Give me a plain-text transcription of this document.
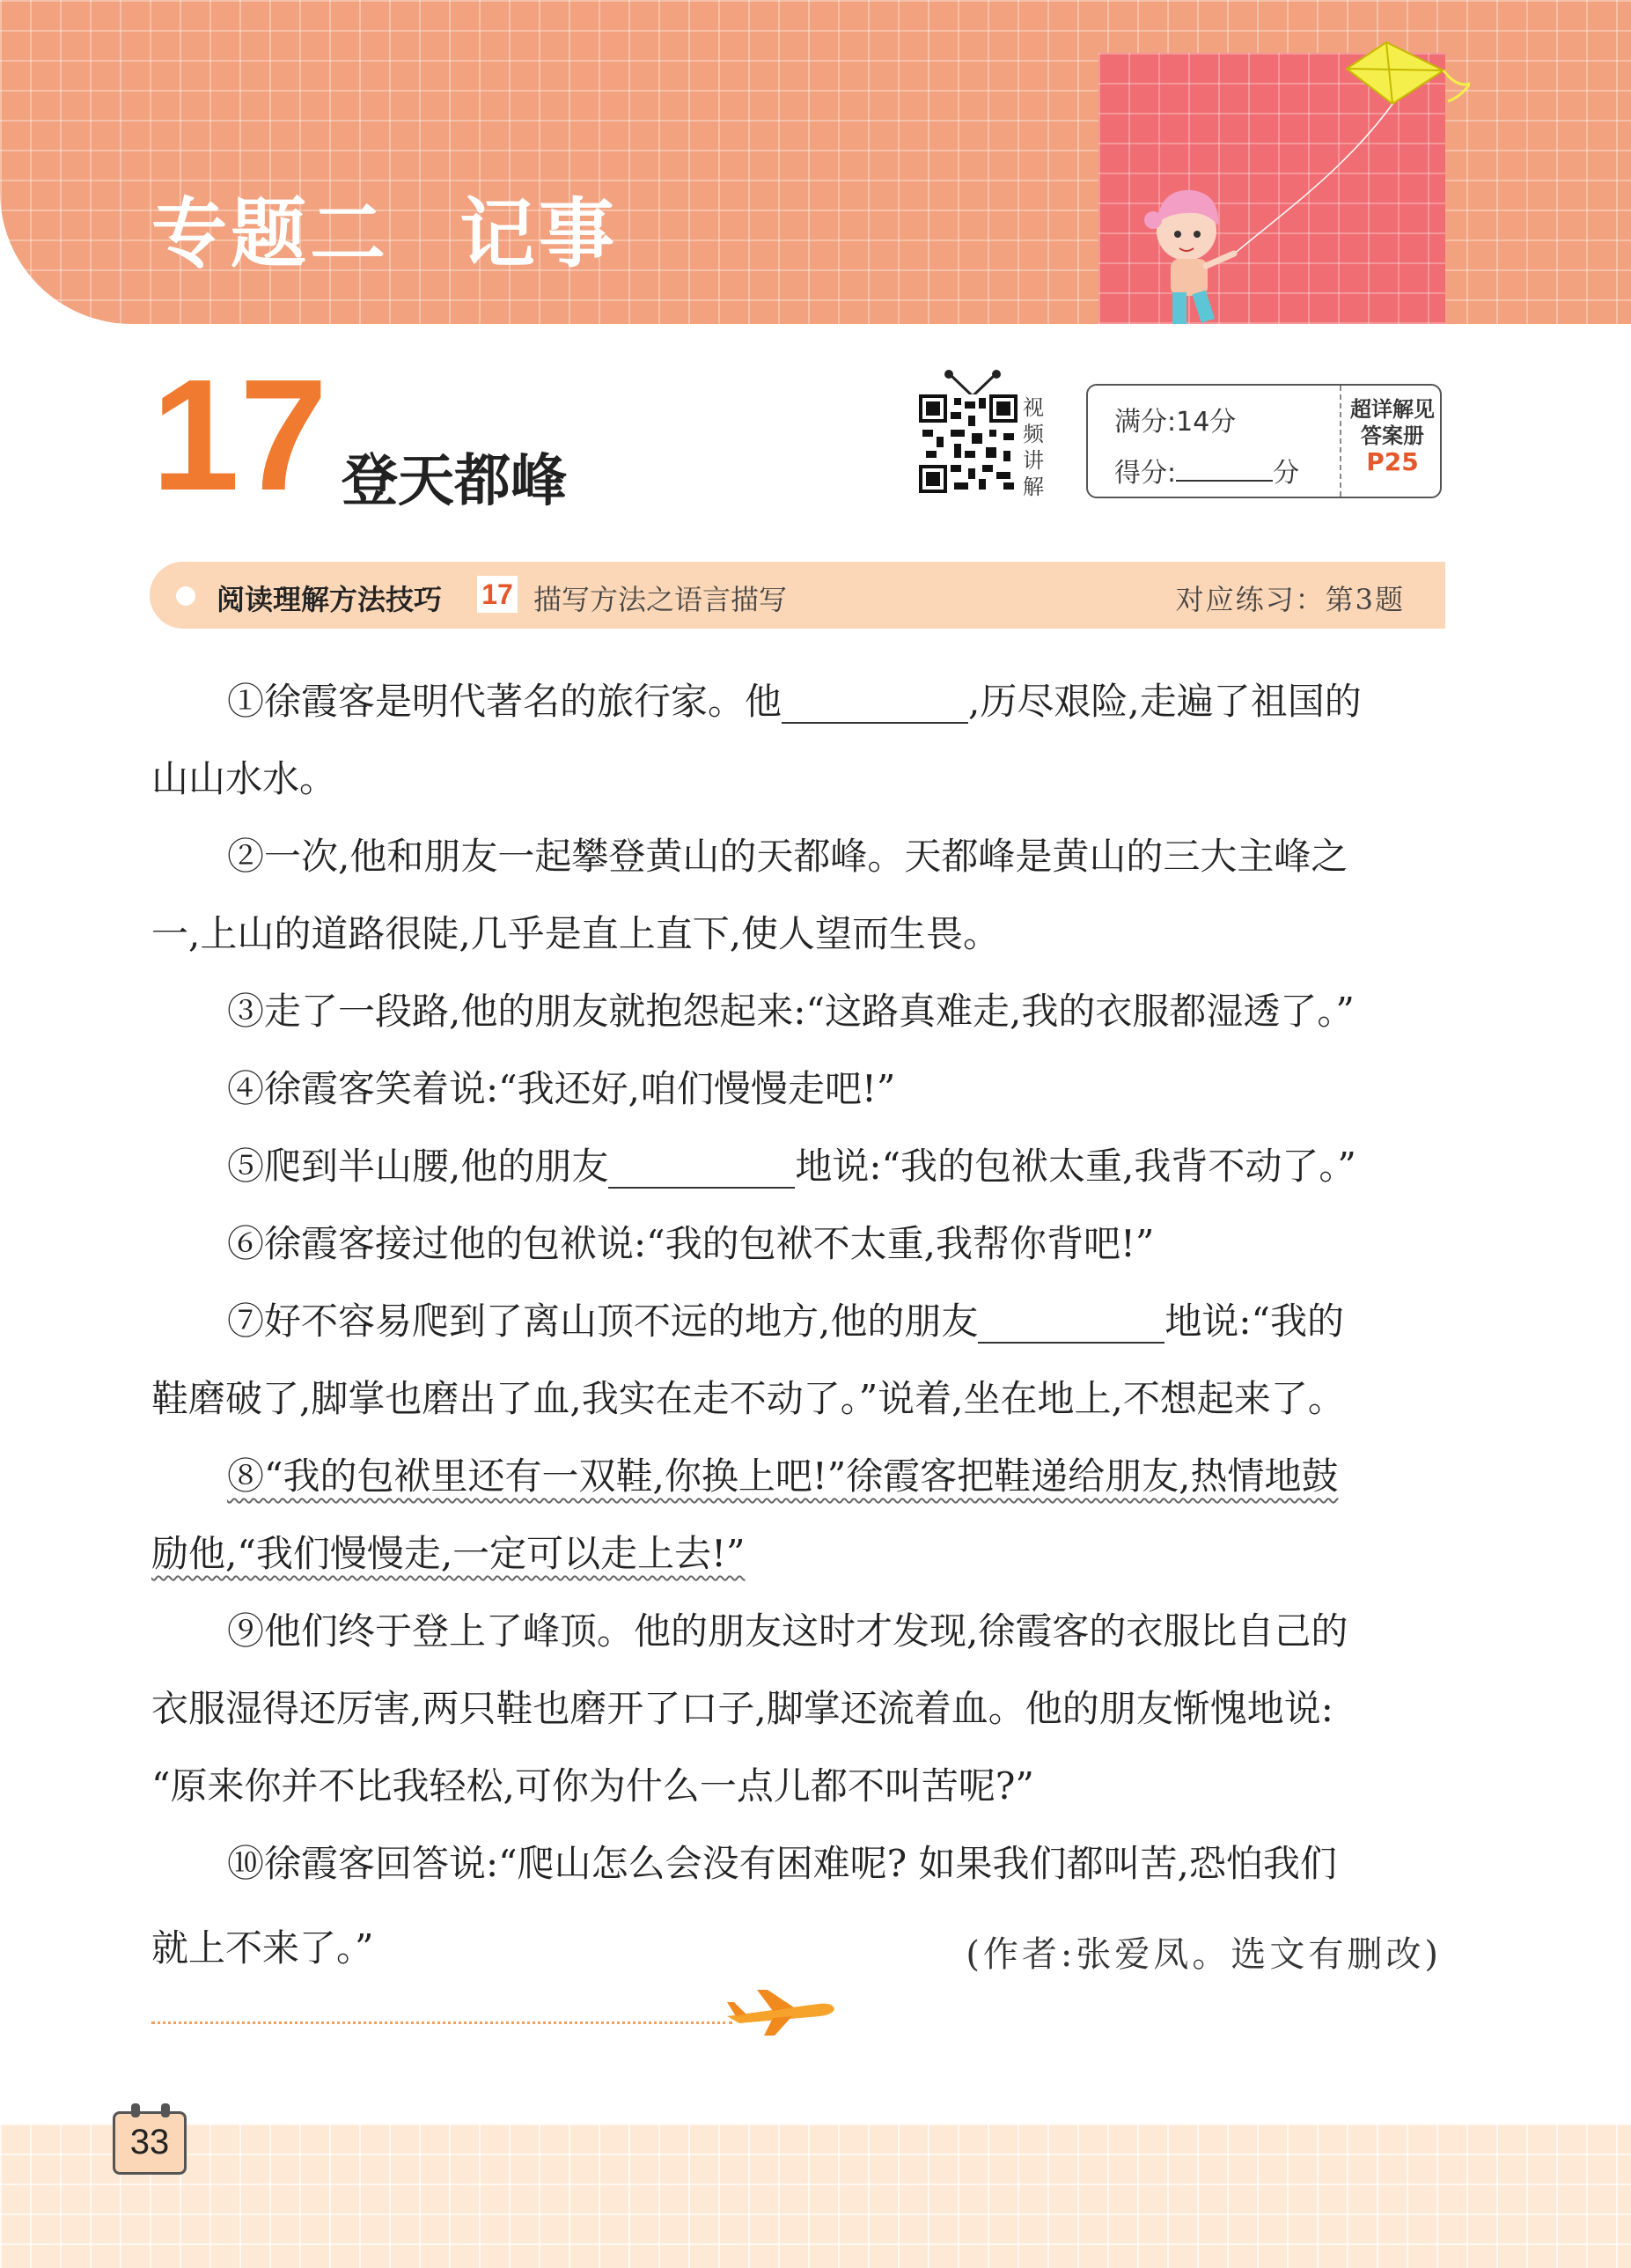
专题二 记事
17 登天都峰
视
频
讲
解
满分:14分
得分:	分
超详解见
答案册
P25
阅读理解方法技巧 17 描写方法之语言描写	对应练习：第3题
①徐霞客是明代著名的旅行家。他	,历尽艰险,走遍了祖国的
山山水水。
②一次,他和朋友一起攀登黄山的天都峰。天都峰是黄山的三大主峰之
一,上山的道路很陡,几乎是直上直下,使人望而生畏。
③走了一段路,他的朋友就抱怨起来:“这路真难走,我的衣服都湿透了。”
④徐霞客笑着说:“我还好,咱们慢慢走吧!”
⑤爬到半山腰,他的朋友	地说:“我的包袱太重,我背不动了。”
⑥徐霞客接过他的包袱说:“我的包袱不太重,我帮你背吧!”
⑦好不容易爬到了离山顶不远的地方,他的朋友	地说:“我的
鞋磨破了,脚掌也磨出了血,我实在走不动了。”说着,坐在地上,不想起来了。
⑧“我的包袱里还有一双鞋,你换上吧!”徐霞客把鞋递给朋友,热情地鼓
励他,“我们慢慢走,一定可以走上去!”
⑨他们终于登上了峰顶。他的朋友这时才发现,徐霞客的衣服比自己的
衣服湿得还厉害,两只鞋也磨开了口子,脚掌还流着血。他的朋友惭愧地说:
“原来你并不比我轻松,可你为什么一点儿都不叫苦呢?”
⑩徐霞客回答说:“爬山怎么会没有困难呢? 如果我们都叫苦,恐怕我们
就上不来了。”	(作者:张爱凤。选文有删改)
33
